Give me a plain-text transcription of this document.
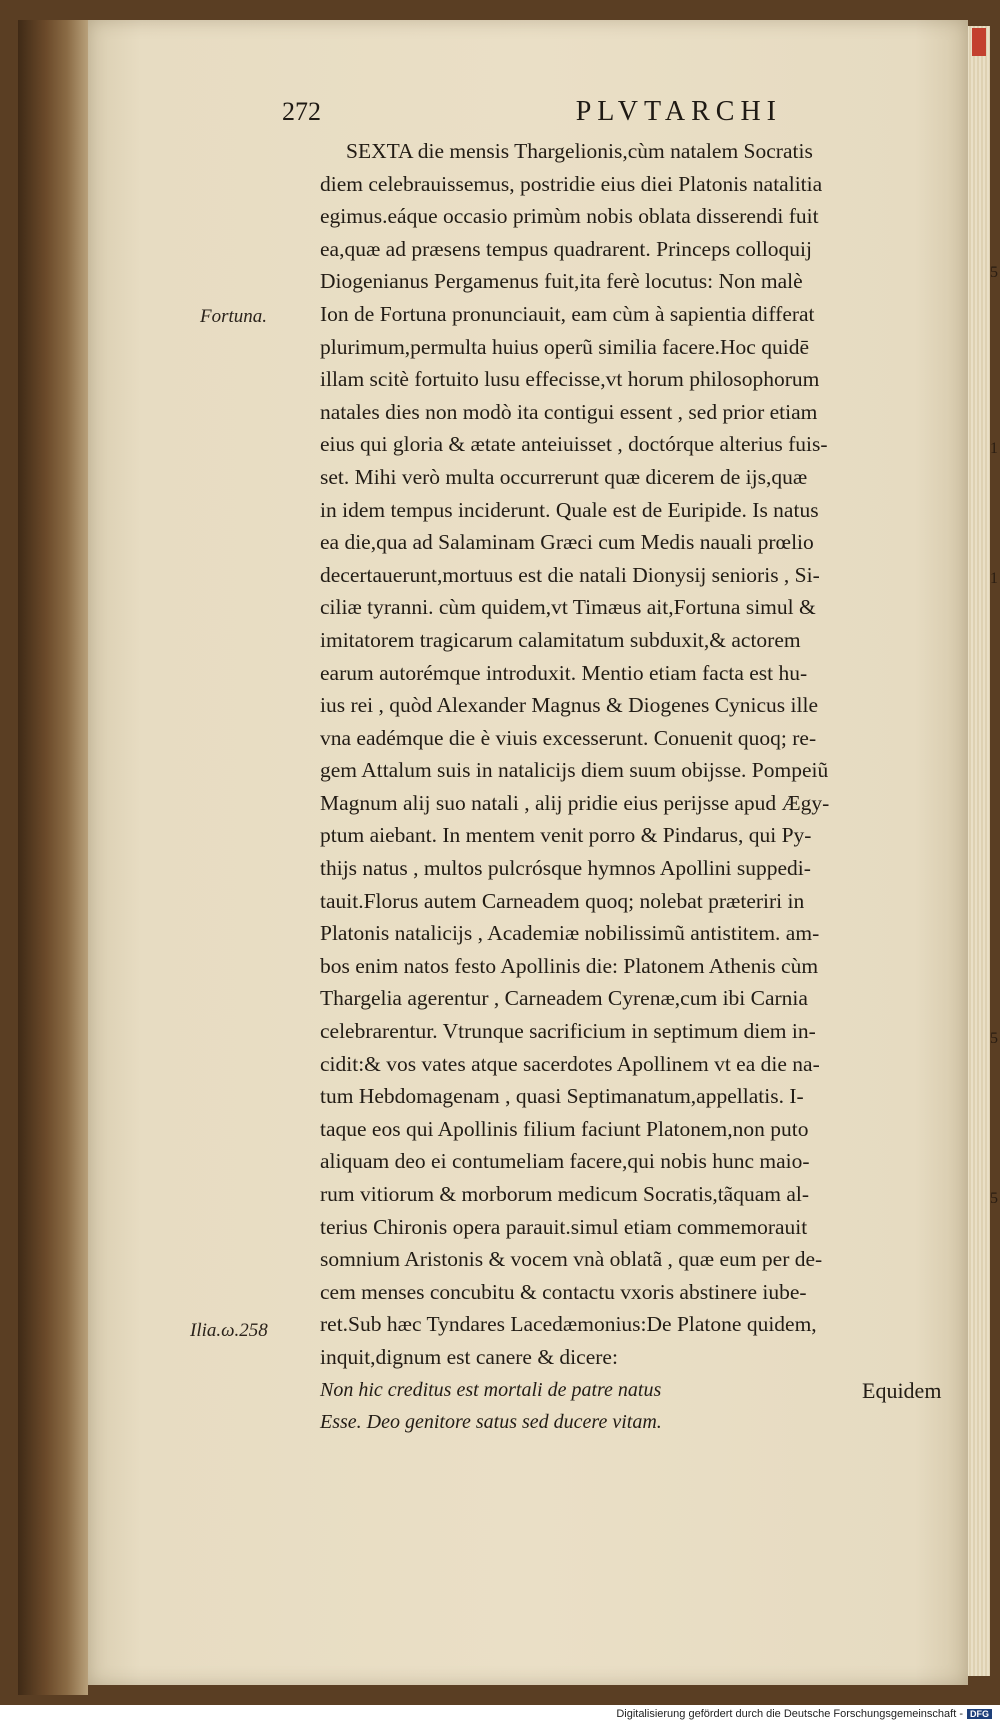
272	PLVTARCHI
Fortuna.
Ilia.ω.258
SEXTA die mensis Thargelionis,cùm natalem Socratis
diem celebrauissemus, postridie eius diei Platonis natalitia
egimus.eáque occasio primùm nobis oblata disserendi fuit
ea,quæ ad præsens tempus quadrarent. Princeps colloquij
Diogenianus Pergamenus fuit,ita ferè locutus: Non malè
Ion de Fortuna pronunciauit, eam cùm à sapientia differat
plurimum,permulta huius operũ similia facere.Hoc quidē
illam scitè fortuito lusu effecisse,vt horum philosophorum
natales dies non modò ita contigui essent , sed prior etiam
eius qui gloria & ætate anteiuisset , doctórque alterius fuis-
set. Mihi verò multa occurrerunt quæ dicerem de ijs,quæ
in idem tempus inciderunt. Quale est de Euripide. Is natus
ea die,qua ad Salaminam Græci cum Medis nauali prœlio
decertauerunt,mortuus est die natali Dionysij senioris , Si-
ciliæ tyranni. cùm quidem,vt Timæus ait,Fortuna simul &
imitatorem tragicarum calamitatum subduxit,& actorem
earum autorémque introduxit. Mentio etiam facta est hu-
ius rei , quòd Alexander Magnus & Diogenes Cynicus ille
vna eadémque die è viuis excesserunt. Conuenit quoq; re-
gem Attalum suis in natalicijs diem suum obijsse. Pompeiũ
Magnum alij suo natali , alij pridie eius perijsse apud Ægy-
ptum aiebant. In mentem venit porro & Pindarus, qui Py-
thijs natus , multos pulcrósque hymnos Apollini suppedi-
tauit.Florus autem Carneadem quoq; nolebat præteriri in
Platonis natalicijs , Academiæ nobilissimũ antistitem. am-
bos enim natos festo Apollinis die: Platonem Athenis cùm
Thargelia agerentur , Carneadem Cyrenæ,cum ibi Carnia
celebrarentur. Vtrunque sacrificium in septimum diem in-
cidit:& vos vates atque sacerdotes Apollinem vt ea die na-
tum Hebdomagenam , quasi Septimanatum,appellatis. I-
taque eos qui Apollinis filium faciunt Platonem,non puto
aliquam deo ei contumeliam facere,qui nobis hunc maio-
rum vitiorum & morborum medicum Socratis,tãquam al-
terius Chironis opera parauit.simul etiam commemorauit
somnium Aristonis & vocem vnà oblatã , quæ eum per de-
cem menses concubitu & contactu vxoris abstinere iube-
ret.Sub hæc Tyndares Lacedæmonius:De Platone quidem,
inquit,dignum est canere & dicere:
Non hic creditus est mortali de patre natus
Esse. Deo genitore satus sed ducere vitam.
Equidem
5
1
1
5
5
Digitalisierung gefördert durch die Deutsche Forschungsgemeinschaft - DFG
